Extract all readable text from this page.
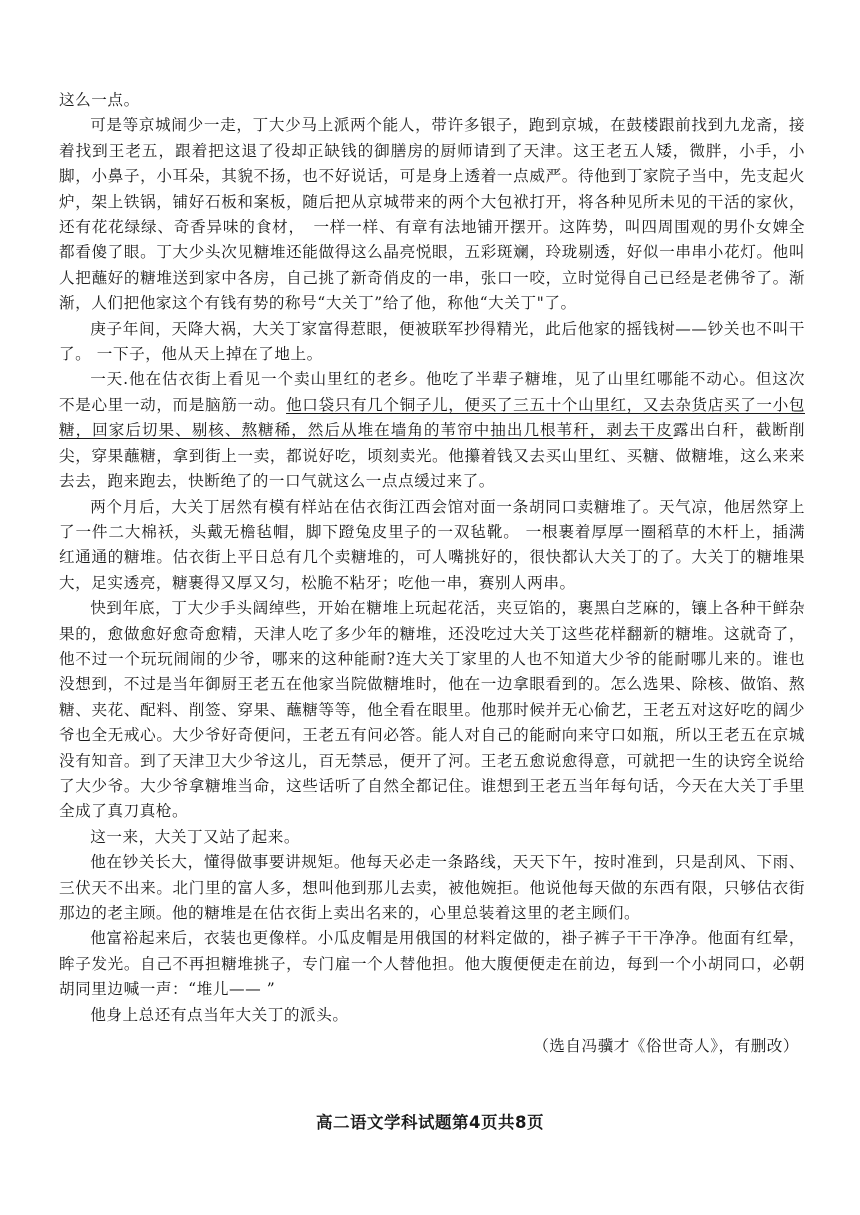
这么一点。

可是等京城闹少一走，丁大少马上派两个能人，带许多银子，跑到京城，在鼓楼跟前找到九龙斋，接着找到王老五，跟着把这退了役却正缺钱的御膳房的厨师请到了天津。这王老五人矮，微胖，小手，小脚，小鼻子，小耳朵，其貌不扬，也不好说话，可是身上透着一点威严。待他到丁家院子当中，先支起火炉，架上铁锅，铺好石板和案板，随后把从京城带来的两个大包袱打开，将各种见所未见的干活的家伙，还有花花绿绿、奇香异味的食材，　一样一样、有章有法地铺开摆开。这阵势，叫四周围观的男仆女婢全都看傻了眼。丁大少头次见糖堆还能做得这么晶亮悦眼，五彩斑斓，玲珑剔透，好似一串串小花灯。他叫人把蘸好的糖堆送到家中各房，自己挑了新奇俏皮的一串，张口一咬，立时觉得自己已经是老佛爷了。渐渐，人们把他家这个有钱有势的称号“大关丁”给了他，称他“大关丁"了。

庚子年间，天降大祸，大关丁家富得惹眼，便被联军抄得精光，此后他家的摇钱树——钞关也不叫干了。 一下子，他从天上掉在了地上。

一天.他在估衣街上看见一个卖山里红的老乡。他吃了半辈子糖堆，见了山里红哪能不动心。但这次不是心里一动，而是脑筋一动。他口袋只有几个铜子儿，便买了三五十个山里红，又去杂货店买了一小包糖，回家后切果、剔核、熬糖稀，然后从堆在墙角的苇帘中抽出几根苇秆，剥去干皮露出白秆，截断削尖，穿果蘸糖，拿到街上一卖，都说好吃，顷刻卖光。他攥着钱又去买山里红、买糖、做糖堆，这么来来去去，跑来跑去，快断绝了的一口气就这么一点点缓过来了。

两个月后，大关丁居然有模有样站在估衣街江西会馆对面一条胡同口卖糖堆了。天气凉，他居然穿上了一件二大棉袄，头戴无檐毡帽，脚下蹬兔皮里子的一双毡靴。 一根裹着厚厚一圈稻草的木杆上，插满红通通的糖堆。估衣街上平日总有几个卖糖堆的，可人嘴挑好的，很快都认大关丁的了。大关丁的糖堆果大，足实透亮，糖裹得又厚又匀，松脆不粘牙；吃他一串，赛别人两串。

快到年底，丁大少手头阔绰些，开始在糖堆上玩起花活，夹豆馅的，裹黑白芝麻的，镶上各种干鲜杂果的，愈做愈好愈奇愈精，天津人吃了多少年的糖堆，还没吃过大关丁这些花样翻新的糖堆。这就奇了，他不过一个玩玩闹闹的少爷，哪来的这种能耐?连大关丁家里的人也不知道大少爷的能耐哪儿来的。谁也没想到，不过是当年御厨王老五在他家当院做糖堆时，他在一边拿眼看到的。怎么选果、除核、做馅、熬糖、夹花、配料、削签、穿果、蘸糖等等，他全看在眼里。他那时候并无心偷艺，王老五对这好吃的阔少爷也全无戒心。大少爷好奇便问，王老五有问必答。能人对自己的能耐向来守口如瓶，所以王老五在京城没有知音。到了天津卫大少爷这儿，百无禁忌，便开了河。王老五愈说愈得意，可就把一生的诀窍全说给了大少爷。大少爷拿糖堆当命，这些话听了自然全都记住。谁想到王老五当年每句话，今天在大关丁手里全成了真刀真枪。

这一来，大关丁又站了起来。

他在钞关长大，懂得做事要讲规矩。他每天必走一条路线，天天下午，按时准到，只是刮风、下雨、三伏天不出来。北门里的富人多，想叫他到那儿去卖，被他婉拒。他说他每天做的东西有限，只够估衣街那边的老主顾。他的糖堆是在估衣街上卖出名来的，心里总装着这里的老主顾们。

他富裕起来后，衣装也更像样。小瓜皮帽是用俄国的材料定做的，褂子裤子干干净净。他面有红晕，眸子发光。自己不再担糖堆挑子，专门雇一个人替他担。他大腹便便走在前边，每到一个小胡同口，必朝胡同里边喊一声：“堆儿—— ”

他身上总还有点当年大关丁的派头。

（选自冯骥才《俗世奇人》，有删改）

高二语文学科试题第4页共8页
